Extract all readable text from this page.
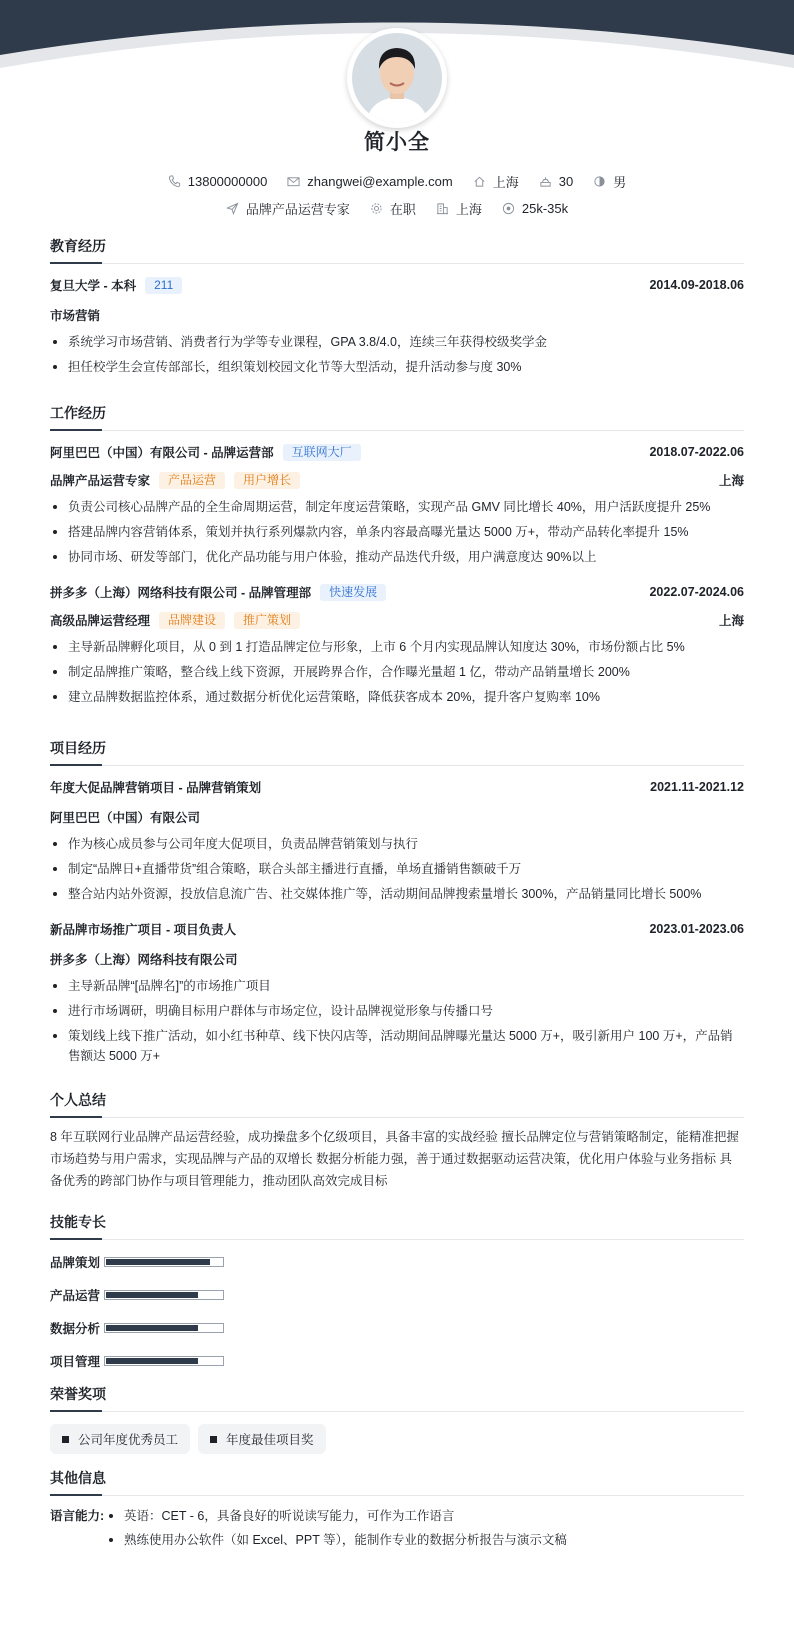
简小全
13800000000	zhangwei@example.com	上海	30	男
品牌产品运营专家	在职	上海	25k-35k
教育经历
复旦大学 - 本科	211	2014.09-2018.06
市场营销
系统学习市场营销、消费者行为学等专业课程，GPA 3.8/4.0，连续三年获得校级奖学金
担任校学生会宣传部部长，组织策划校园文化节等大型活动，提升活动参与度 30%
工作经历
阿里巴巴（中国）有限公司 - 品牌运营部	互联网大厂	2018.07-2022.06
品牌产品运营专家	产品运营	用户增长	上海
负责公司核心品牌产品的全生命周期运营，制定年度运营策略，实现产品 GMV 同比增长 40%，用户活跃度提升 25%
搭建品牌内容营销体系，策划并执行系列爆款内容，单条内容最高曝光量达 5000 万+，带动产品转化率提升 15%
协同市场、研发等部门，优化产品功能与用户体验，推动产品迭代升级，用户满意度达 90%以上
拼多多（上海）网络科技有限公司 - 品牌管理部	快速发展	2022.07-2024.06
高级品牌运营经理	品牌建设	推广策划	上海
主导新品牌孵化项目，从 0 到 1 打造品牌定位与形象，上市 6 个月内实现品牌认知度达 30%，市场份额占比 5%
制定品牌推广策略，整合线上线下资源，开展跨界合作，合作曝光量超 1 亿，带动产品销量增长 200%
建立品牌数据监控体系，通过数据分析优化运营策略，降低获客成本 20%，提升客户复购率 10%
项目经历
年度大促品牌营销项目 - 品牌营销策划	2021.11-2021.12
阿里巴巴（中国）有限公司
作为核心成员参与公司年度大促项目，负责品牌营销策划与执行
制定“品牌日+直播带货”组合策略，联合头部主播进行直播，单场直播销售额破千万
整合站内站外资源，投放信息流广告、社交媒体推广等，活动期间品牌搜索量增长 300%，产品销量同比增长 500%
新品牌市场推广项目 - 项目负责人	2023.01-2023.06
拼多多（上海）网络科技有限公司
主导新品牌“[品牌名]”的市场推广项目
进行市场调研，明确目标用户群体与市场定位，设计品牌视觉形象与传播口号
策划线上线下推广活动，如小红书种草、线下快闪店等，活动期间品牌曝光量达 5000 万+，吸引新用户 100 万+，产品销售额达 5000 万+
个人总结
8 年互联网行业品牌产品运营经验，成功操盘多个亿级项目，具备丰富的实战经验 擅长品牌定位与营销策略制定，能精准把握市场趋势与用户需求，实现品牌与产品的双增长 数据分析能力强，善于通过数据驱动运营决策，优化用户体验与业务指标 具备优秀的跨部门协作与项目管理能力，推动团队高效完成目标
技能专长
品牌策划
产品运营
数据分析
项目管理
荣誉奖项
公司年度优秀员工	年度最佳项目奖
其他信息
语言能力:	英语：CET - 6，具备良好的听说读写能力，可作为工作语言
熟练使用办公软件（如 Excel、PPT 等），能制作专业的数据分析报告与演示文稿
